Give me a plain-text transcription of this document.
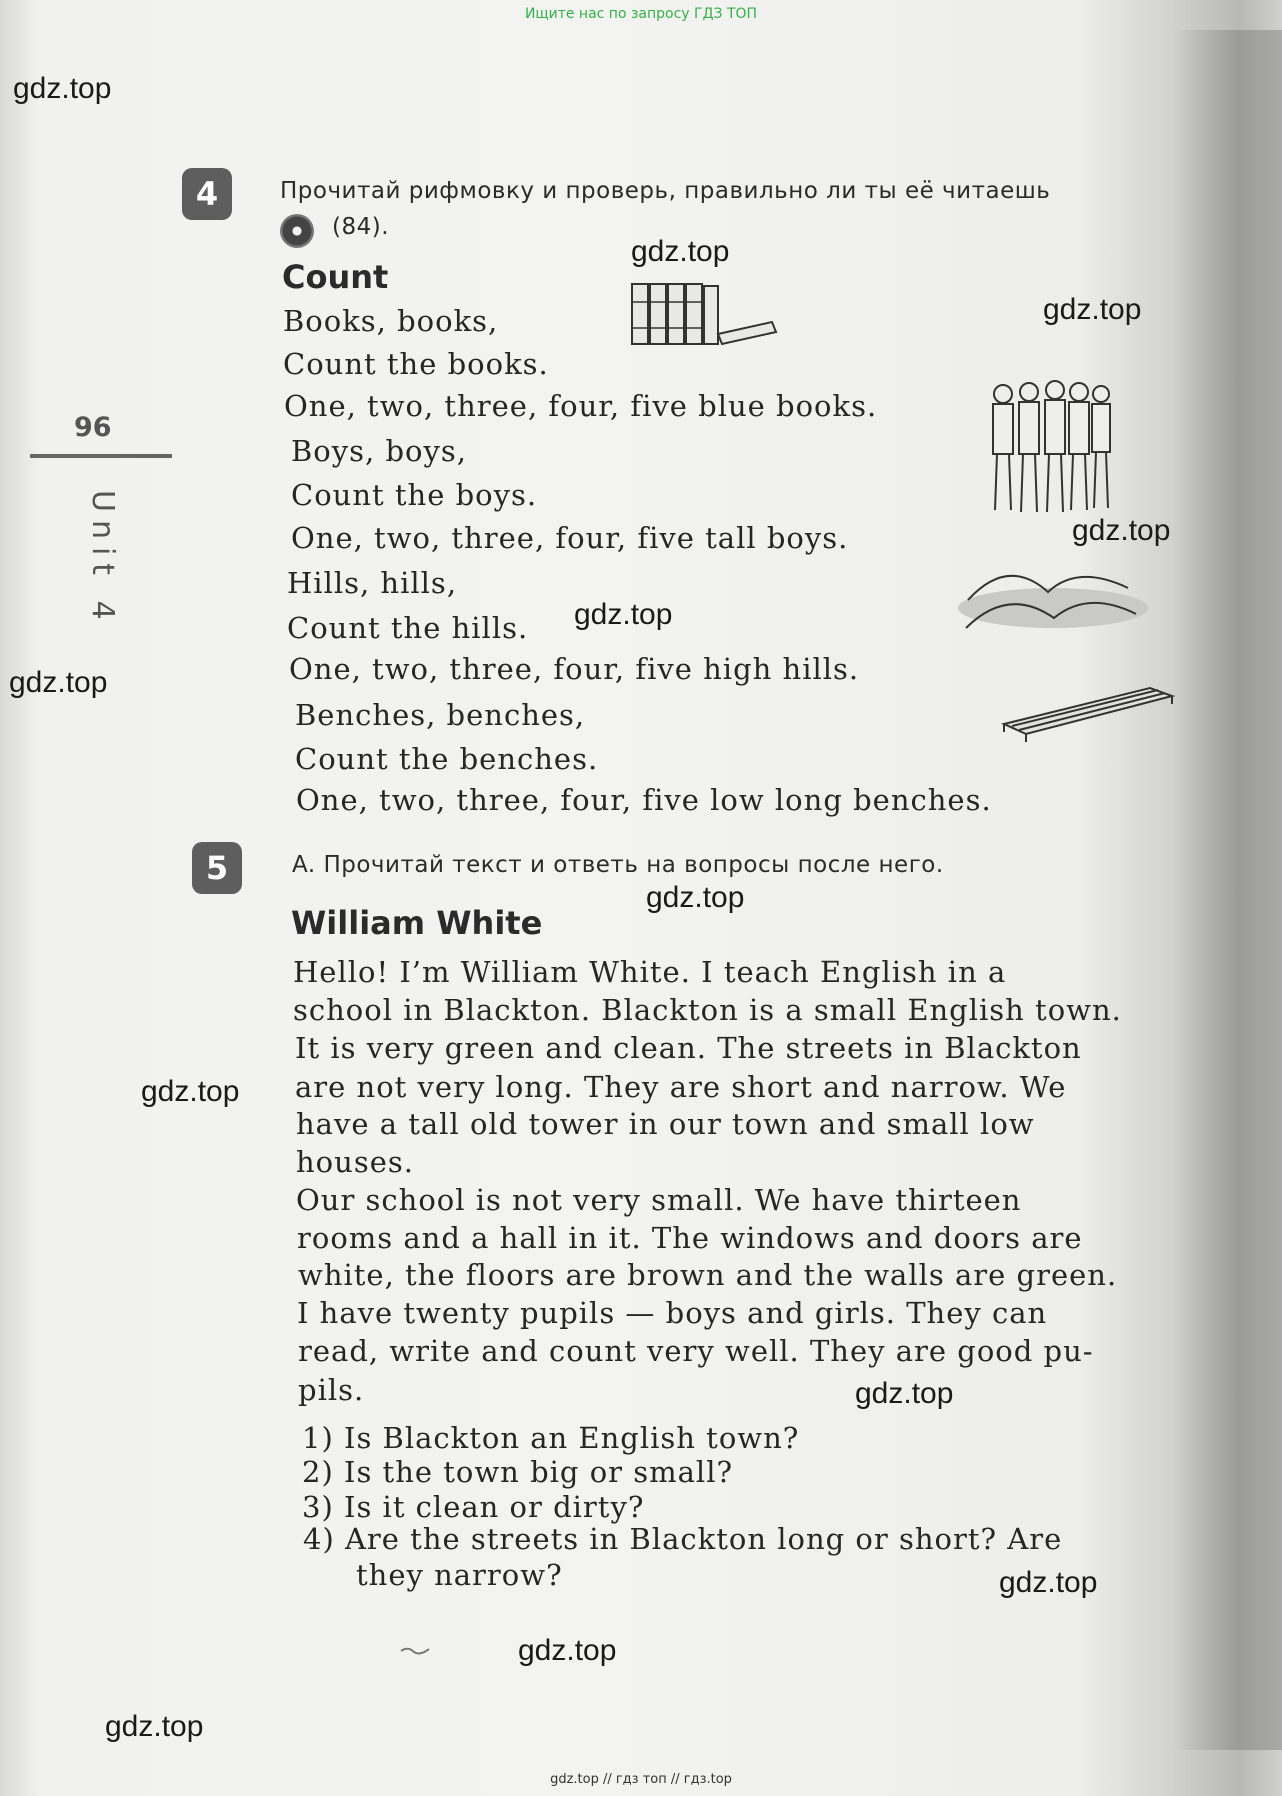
Ищите нас по запросу ГДЗ ТОП
96
Unit 4
4	Прочитай рифмовку и проверь, правильно ли ты её читаешь
(84).
Count
Books, books,
Count the books.
One, two, three, four, five blue books.
Boys, boys,
Count the boys.
One, two, three, four, five tall boys.
Hills, hills,
Count the hills.
One, two, three, four, five high hills.
Benches, benches,
Count the benches.
One, two, three, four, five low long benches.
5	A. Прочитай текст и ответь на вопросы после него.
William White
Hello! I’m William White. I teach English in a
school in Blackton. Blackton is a small English town.
It is very green and clean. The streets in Blackton
are not very long. They are short and narrow. We
have a tall old tower in our town and small low
houses.
Our school is not very small. We have thirteen
rooms and a hall in it. The windows and doors are
white, the floors are brown and the walls are green.
I have twenty pupils — boys and girls. They can
read, write and count very well. They are good pu-
pils.
1) Is Blackton an English town?
2) Is the town big or small?
3) Is it clean or dirty?
4) Are the streets in Blackton long or short? Are
they narrow?
gdz.top
gdz.top
gdz.top
gdz.top
gdz.top
gdz.top
gdz.top
gdz.top
gdz.top
gdz.top
gdz.top
gdz.top
gdz.top // гдз топ // гдз.top
